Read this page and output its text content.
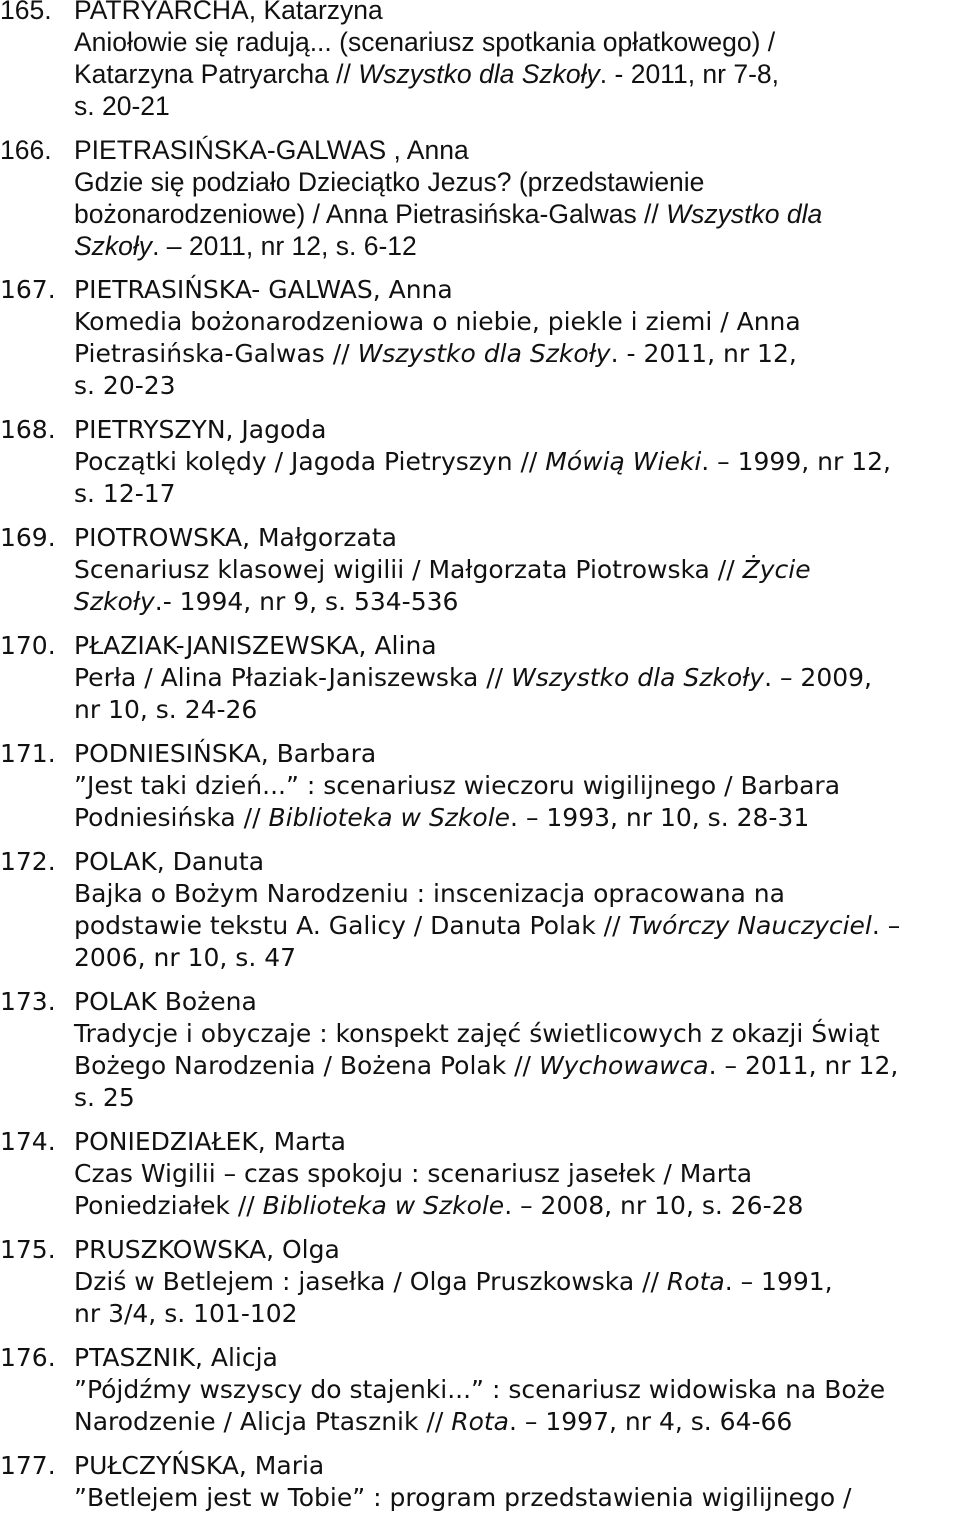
165. PATRYARCHA, Katarzyna
Aniołowie się radują... (scenariusz spotkania opłatkowego) /
Katarzyna Patryarcha // Wszystko dla Szkoły. - 2011, nr 7-8,
s. 20-21
166. PIETRASIŃSKA-GALWAS , Anna
Gdzie się podziało Dzieciątko Jezus? (przedstawienie
bożonarodzeniowe) / Anna Pietrasińska-Galwas // Wszystko dla
Szkoły. – 2011, nr 12, s. 6-12
167. PIETRASIŃSKA- GALWAS, Anna
Komedia bożonarodzeniowa o niebie, piekle i ziemi / Anna
Pietrasińska-Galwas // Wszystko dla Szkoły. - 2011, nr 12,
s. 20-23
168. PIETRYSZYN, Jagoda
Początki kolędy / Jagoda Pietryszyn // Mówią Wieki. – 1999, nr 12,
s. 12-17
169. PIOTROWSKA, Małgorzata
Scenariusz klasowej wigilii / Małgorzata Piotrowska // Życie
Szkoły.- 1994, nr 9, s. 534-536
170. PŁAZIAK-JANISZEWSKA, Alina
Perła / Alina Płaziak-Janiszewska // Wszystko dla Szkoły. – 2009,
nr 10, s. 24-26
171. PODNIESIŃSKA, Barbara
”Jest taki dzień...” : scenariusz wieczoru wigilijnego / Barbara
Podniesińska // Biblioteka w Szkole. – 1993, nr 10, s. 28-31
172. POLAK, Danuta
Bajka o Bożym Narodzeniu : inscenizacja opracowana na
podstawie tekstu A. Galicy / Danuta Polak // Twórczy Nauczyciel. –
2006, nr 10, s. 47
173. POLAK Bożena
Tradycje i obyczaje : konspekt zajęć świetlicowych z okazji Świąt
Bożego Narodzenia / Bożena Polak // Wychowawca. – 2011, nr 12,
s. 25
174. PONIEDZIAŁEK, Marta
Czas Wigilii – czas spokoju : scenariusz jasełek / Marta
Poniedziałek // Biblioteka w Szkole. – 2008, nr 10, s. 26-28
175. PRUSZKOWSKA, Olga
Dziś w Betlejem : jasełka / Olga Pruszkowska // Rota. – 1991,
nr 3/4, s. 101-102
176. PTASZNIK, Alicja
”Pójdźmy wszyscy do stajenki...” : scenariusz widowiska na Boże
Narodzenie / Alicja Ptasznik // Rota. – 1997, nr 4, s. 64-66
177. PUŁCZYŃSKA, Maria
”Betlejem jest w Tobie” : program przedstawienia wigilijnego /
